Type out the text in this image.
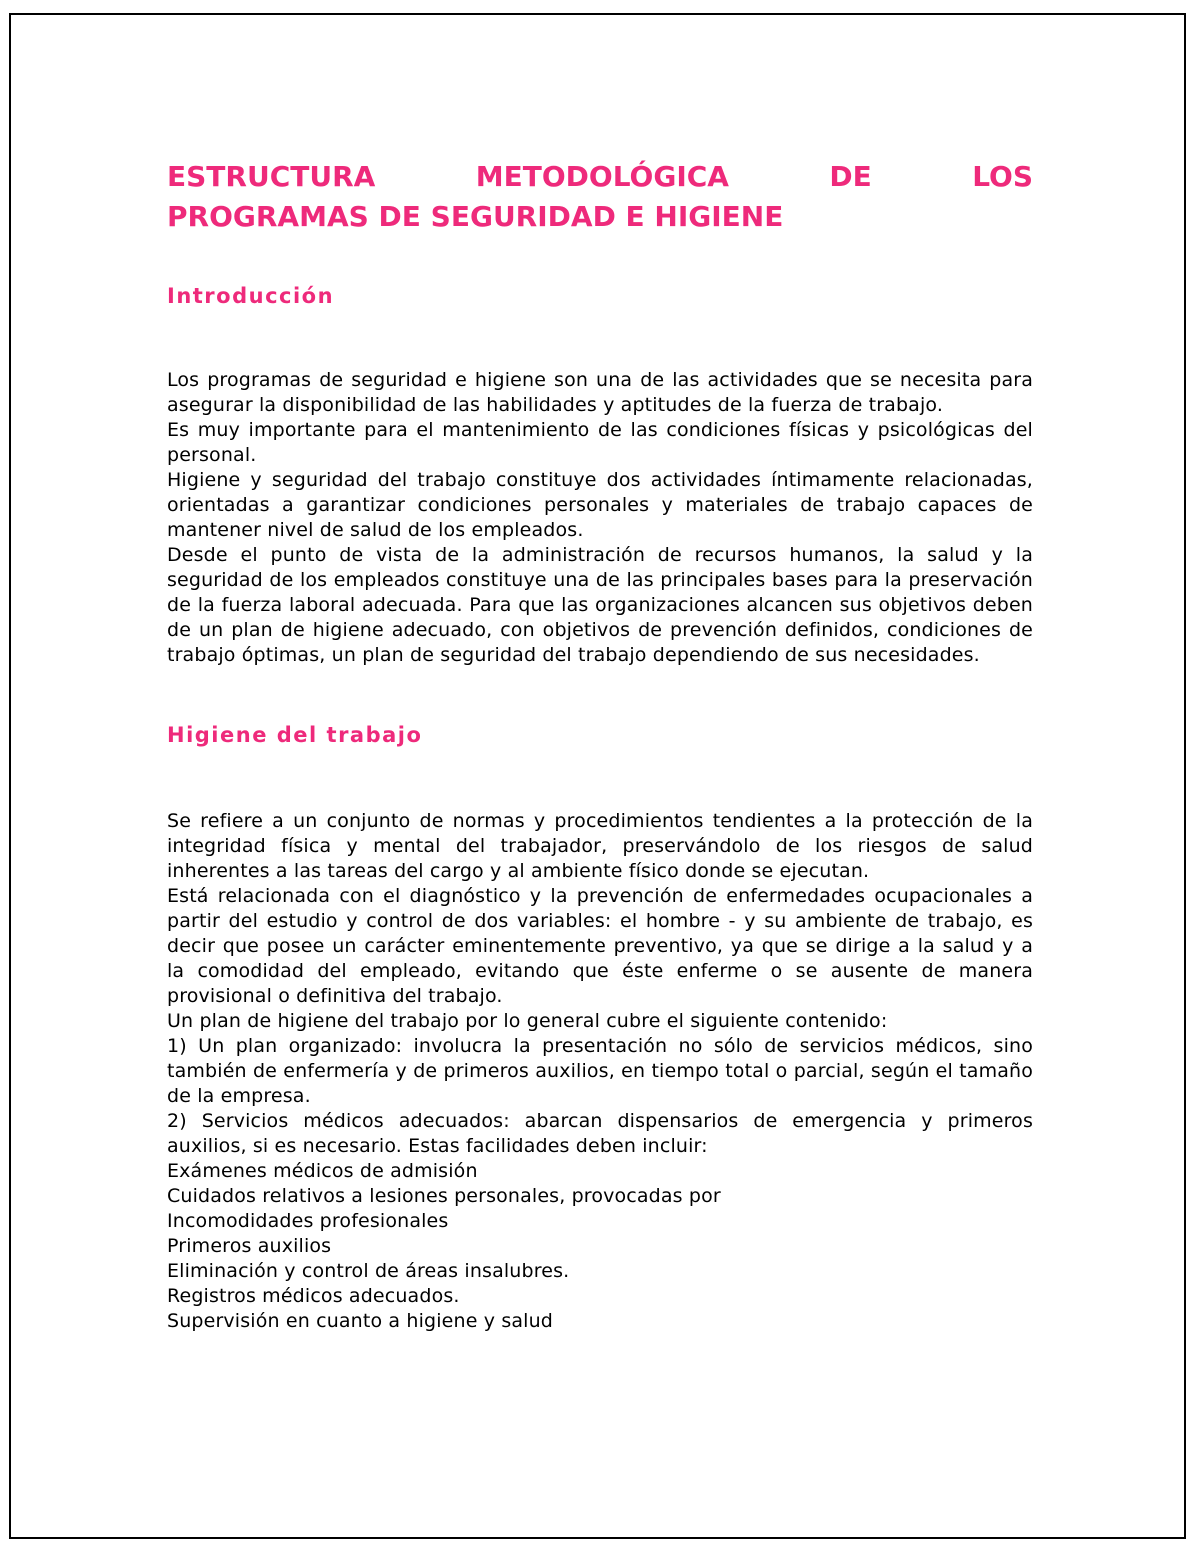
ESTRUCTURA	METODOLÓGICA	DE	LOS
PROGRAMAS DE SEGURIDAD E HIGIENE
Introducción

Los programas de seguridad e higiene son una de las actividades que se necesita para asegurar la disponibilidad de las habilidades y aptitudes de la fuerza de trabajo.

Es muy importante para el mantenimiento de las condiciones físicas y psicológicas del personal.

Higiene y seguridad del trabajo constituye dos actividades íntimamente relacionadas, orientadas a garantizar condiciones personales y materiales de trabajo capaces de mantener nivel de salud de los empleados.

Desde el punto de vista de la administración de recursos humanos, la salud y la seguridad de los empleados constituye una de las principales bases para la preservación de la fuerza laboral adecuada. Para que las organizaciones alcancen sus objetivos deben de un plan de higiene adecuado, con objetivos de prevención definidos, condiciones de trabajo óptimas, un plan de seguridad del trabajo dependiendo de sus necesidades.

Higiene del trabajo

Se refiere a un conjunto de normas y procedimientos tendientes a la protección de la integridad física y mental del trabajador, preservándolo de los riesgos de salud inherentes a las tareas del cargo y al ambiente físico donde se ejecutan.

Está relacionada con el diagnóstico y la prevención de enfermedades ocupacionales a partir del estudio y control de dos variables: el hombre - y su ambiente de trabajo, es decir que posee un carácter eminentemente preventivo, ya que se dirige a la salud y a la comodidad del empleado, evitando que éste enferme o se ausente de manera provisional o definitiva del trabajo.

Un plan de higiene del trabajo por lo general cubre el siguiente contenido:

1) Un plan organizado: involucra la presentación no sólo de servicios médicos, sino también de enfermería y de primeros auxilios, en tiempo total o parcial, según el tamaño de la empresa.

2) Servicios médicos adecuados: abarcan dispensarios de emergencia y primeros auxilios, si es necesario. Estas facilidades deben incluir:

Exámenes médicos de admisión

Cuidados relativos a lesiones personales, provocadas por

Incomodidades profesionales

Primeros auxilios

Eliminación y control de áreas insalubres.

Registros médicos adecuados.

Supervisión en cuanto a higiene y salud
